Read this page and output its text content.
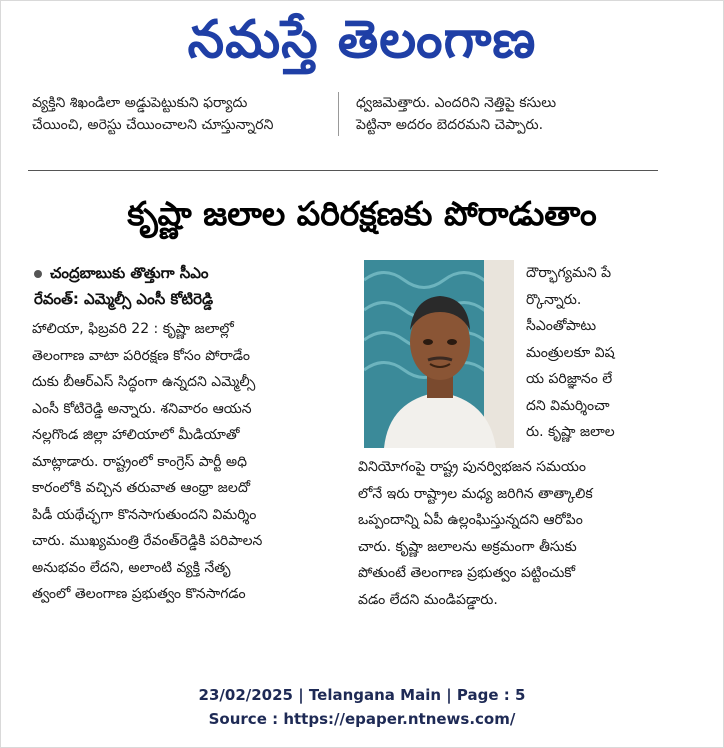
నమస్తే తెలంగాణ
వ్యక్తిని శిఖండిలా అడ్డుపెట్టుకుని ఫర్యాదు
చేయించి, అరెస్టు చేయించాలని చూస్తున్నారని
ధ్వజమెత్తారు. ఎందరిని నెత్తిపై కసులు
పెట్టినా అదరం బెదరమని చెప్పారు.
కృష్ణా జలాల పరిరక్షణకు పోరాడుతాం
చంద్రబాబుకు తొత్తుగా సీఎం
రేవంత్: ఎమ్మెల్సీ ఎంసీ కోటిరెడ్డి
హాలియా, ఫిబ్రవరి 22 : కృష్ణా జలాల్లో
తెలంగాణ వాటా పరిరక్షణ కోసం పోరాడేం
దుకు బీఆర్ఎస్ సిద్ధంగా ఉన్నదని ఎమ్మెల్సీ
ఎంసీ కోటిరెడ్డి అన్నారు. శనివారం ఆయన
నల్లగొండ జిల్లా హాలియాలో మీడియాతో
మాట్లాడారు. రాష్ట్రంలో కాంగ్రెస్ పార్టీ అధి
కారంలోకి వచ్చిన తరువాత ఆంధ్రా జలదో
పిడీ యథేచ్ఛగా కొనసాగుతుందని విమర్శిం
చారు. ముఖ్యమంత్రి రేవంత్‌రెడ్డికి పరిపాలన
అనుభవం లేదని, అలాంటి వ్యక్తి నేతృ
త్వంలో తెలంగాణ ప్రభుత్వం కొనసాగడం
దౌర్భాగ్యమని పే
ర్కొన్నారు.
సీఎంతోపాటు
మంత్రులకూ విష
య పరిజ్ఞానం లే
దని విమర్శించా
రు. కృష్ణా జలాల
వినియోగంపై రాష్ట్ర పునర్విభజన సమయం
లోనే ఇరు రాష్ట్రాల మధ్య జరిగిన తాత్కాలిక
ఒప్పందాన్ని ఏపీ ఉల్లంఘిస్తున్నదని ఆరోపిం
చారు. కృష్ణా జలాలను అక్రమంగా తీసుకు
పోతుంటే తెలంగాణ ప్రభుత్వం పట్టించుకో
వడం లేదని మండిపడ్డారు.
23/02/2025 | Telangana Main | Page : 5
Source : https://epaper.ntnews.com/
